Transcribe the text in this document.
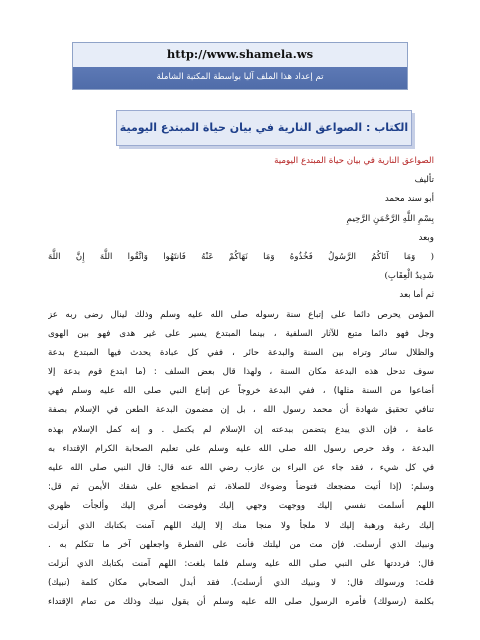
http://www.shamela.ws
تم إعداد هذا الملف آليا بواسطة المكتبة الشاملة
الكتاب : الصواعق النارية في بيان حياة المبتدع اليومية
الصواعق النارية في بيان حياة المبتدع اليومية
تأليف
أبو سند محمد
بِسْمِ اللَّهِ الرَّحْمَنِ الرَّحِيمِ
وبعد
( وَمَا آتَاكُمُ الرَّسُولُ فَخُذُوهُ وَمَا نَهَاكُمْ عَنْهُ فَانتَهُوا وَاتَّقُوا اللَّهَ إِنَّ اللَّهَ
شَدِيدُ الْعِقَابِ)
ثم أما بعد
المؤمن يحرص دائما على إتباع سنة رسوله صلى الله عليه وسلم وذلك لينال رضى ربه عز
وجل فهو دائما متبع للآثار السلفية ، بينما المبتدع يسير على غير هدى فهو بين الهوى
والظلال سائر وتراه بين السنة والبدعة حائر ، ففي كل عبادة يحدث فيها المبتدع بدعة
سوف تدحل هذه البدعة مكان السنة ، ولهذا قال بعض السلف : (ما ابتدع قوم بدعة إلا
أضاعوا من السنة مثلها) ، ففي البدعة خروجاً عن إتباع النبي صلى الله عليه وسلم فهي
تنافي تحقيق شهادة أن محمد رسول الله ، بل إن مضمون البدعة الطعن في الإسلام بصفة
عامة ، فإن الذي يبدع يتضمن ببدعته إن الإسلام لم يكتمل . و إنه كمل الإسلام بهذه
البدعة ، وقد حرص رسول الله صلى الله عليه وسلم على تعليم الصحابة الكرام الإقتداء به
في كل شيء ، فقد جاء عن البراء بن عازب رضي الله عنه قال: قال النبي صلى الله عليه
وسلم: (إذا أتيت مضجعك فتوضأ وضوءك للصلاة، ثم اضطجع على شقك الأيمن ثم قل:
اللهم أسلمت نفسي إليك ووجهت وجهي إليك وفوضت أمري إليك وألجأت ظهري
إليك رغبة ورهبة إليك لا ملجأ ولا منجا منك إلا إليك اللهم آمنت بكتابك الذي أنزلت
ونبيك الذي أرسلت. فإن مت من ليلتك فأنت على الفطرة واجعلهن آخر ما تتكلم به .
قال: فرددتها على النبي صلى الله عليه وسلم فلما بلغت: اللهم آمنت بكتابك الذي أنزلت
قلت: ورسولك قال: لا ونبيك الذي أرسلت). فقد أبدل الصحابي مكان كلمة (نبيك)
بكلمة (رسولك) فأمره الرسول صلى الله عليه وسلم أن يقول نبيك وذلك من تمام الإقتداء
